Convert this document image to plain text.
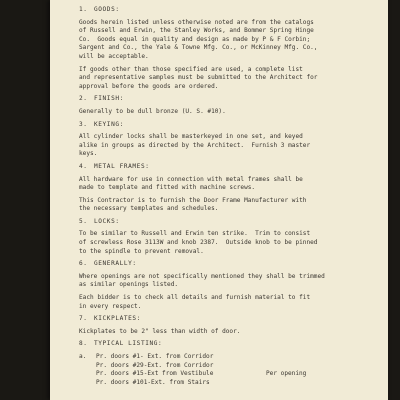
1. GOODS:
Goods herein listed unless otherwise noted are from the catalogs
of Russell and Erwin, the Stanley Works, and Bommer Spring Hinge
Co.  Goods equal in quality and design as made by P & F Corbin;
Sargent and Co., the Yale & Towne Mfg. Co., or McKinney Mfg. Co.,
will be acceptable.
If goods other than those specified are used, a complete list
and representative samples must be submitted to the Architect for
approval before the goods are ordered.
2. FINISH:
Generally to be dull bronze (U. S. #10).
3. KEYING:
All cylinder locks shall be masterkeyed in one set, and keyed
alike in groups as directed by the Architect.  Furnish 3 master
keys.
4. METAL FRAMES:
All hardware for use in connection with metal frames shall be
made to template and fitted with machine screws.
This Contractor is to furnish the Door Frame Manufacturer with
the necessary templates and schedules.
5. LOCKS:
To be similar to Russell and Erwin ten strike.  Trim to consist
of screwless Rose 3113W and knob 2387.  Outside knob to be pinned
to the spindle to prevent removal.
6. GENERALLY:
Where openings are not specifically mentioned they shall be trimmed
as similar openings listed.
Each bidder is to check all details and furnish material to fit
in every respect.
7. KICKPLATES:
Kickplates to be 2" less than width of door.
8. TYPICAL LISTING:
a.	Pr. doors #1- Ext. from Corridor
Pr. doors #29-Ext. from Corridor
Pr. doors #15-Ext from Vestibule	Per opening
Pr. doors #101-Ext. from Stairs
